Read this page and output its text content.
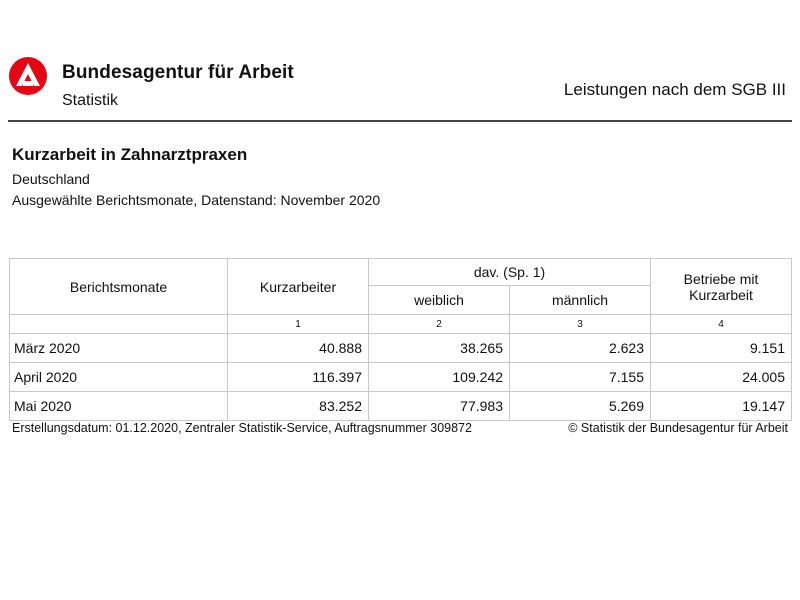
Bundesagentur für Arbeit
Statistik
Leistungen nach dem SGB III
Kurzarbeit in Zahnarztpraxen
Deutschland
Ausgewählte Berichtsmonate, Datenstand: November 2020
Berichtsmonate	Kurzarbeiter	dav. (Sp. 1)		Betriebe mit Kurzarbeit
		weiblich	männlich	
	1	2	3	4
März 2020	40.888	38.265	2.623	9.151
April 2020	116.397	109.242	7.155	24.005
Mai 2020	83.252	77.983	5.269	19.147
Erstellungsdatum: 01.12.2020, Zentraler Statistik-Service, Auftragsnummer 309872	© Statistik der Bundesagentur für Arbeit
